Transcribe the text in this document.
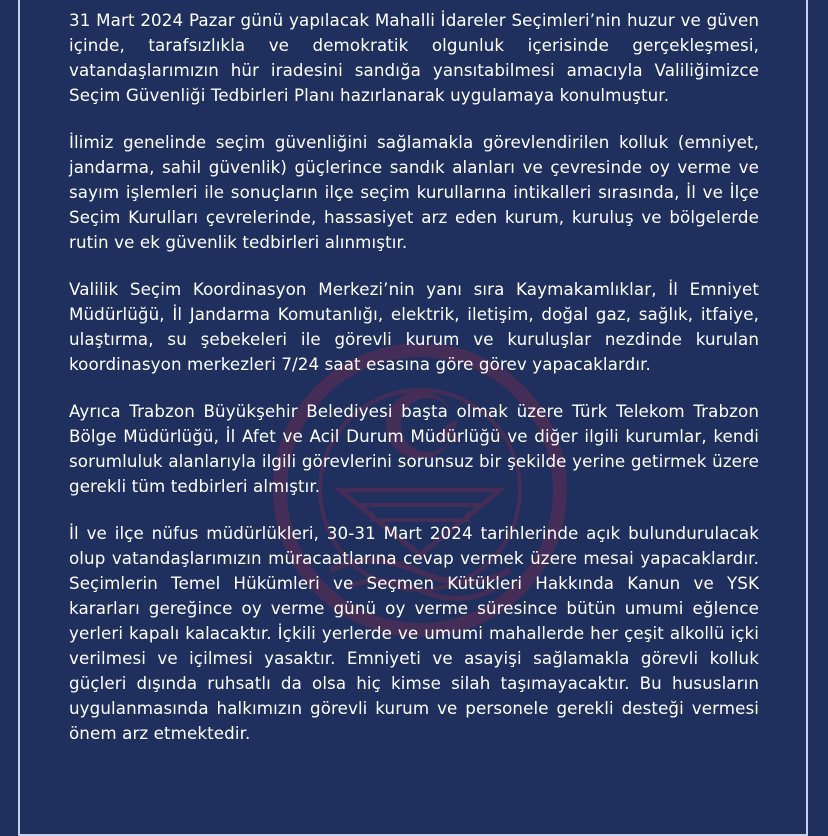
31 Mart 2024 Pazar günü yapılacak Mahalli İdareler Seçimleri’nin huzur ve güven içinde, tarafsızlıkla ve demokratik olgunluk içerisinde gerçekleşmesi, vatandaşlarımızın hür iradesini sandığa yansıtabilmesi amacıyla Valiliğimizce Seçim Güvenliği Tedbirleri Planı hazırlanarak uygulamaya konulmuştur.

İlimiz genelinde seçim güvenliğini sağlamakla görevlendirilen kolluk (emniyet, jandarma, sahil güvenlik) güçlerince sandık alanları ve çevresinde oy verme ve sayım işlemleri ile sonuçların ilçe seçim kurullarına intikalleri sırasında, İl ve İlçe Seçim Kurulları çevrelerinde, hassasiyet arz eden kurum, kuruluş ve bölgelerde rutin ve ek güvenlik tedbirleri alınmıştır.

Valilik Seçim Koordinasyon Merkezi’nin yanı sıra Kaymakamlıklar, İl Emniyet Müdürlüğü, İl Jandarma Komutanlığı, elektrik, iletişim, doğal gaz, sağlık, itfaiye, ulaştırma, su şebekeleri ile görevli kurum ve kuruluşlar nezdinde kurulan koordinasyon merkezleri 7/24 saat esasına göre görev yapacaklardır.

Ayrıca Trabzon Büyükşehir Belediyesi başta olmak üzere Türk Telekom Trabzon Bölge Müdürlüğü, İl Afet ve Acil Durum Müdürlüğü ve diğer ilgili kurumlar, kendi sorumluluk alanlarıyla ilgili görevlerini sorunsuz bir şekilde yerine getirmek üzere gerekli tüm tedbirleri almıştır.

İl ve ilçe nüfus müdürlükleri, 30-31 Mart 2024 tarihlerinde açık bulundurulacak olup vatandaşlarımızın müracaatlarına cevap vermek üzere mesai yapacaklardır. Seçimlerin Temel Hükümleri ve Seçmen Kütükleri Hakkında Kanun ve YSK kararları gereğince oy verme günü oy verme süresince bütün umumi eğlence yerleri kapalı kalacaktır. İçkili yerlerde ve umumi mahallerde her çeşit alkollü içki verilmesi ve içilmesi yasaktır. Emniyeti ve asayişi sağlamakla görevli kolluk güçleri dışında ruhsatlı da olsa hiç kimse silah taşımayacaktır. Bu hususların uygulanmasında halkımızın görevli kurum ve personele gerekli desteği vermesi önem arz etmektedir.
